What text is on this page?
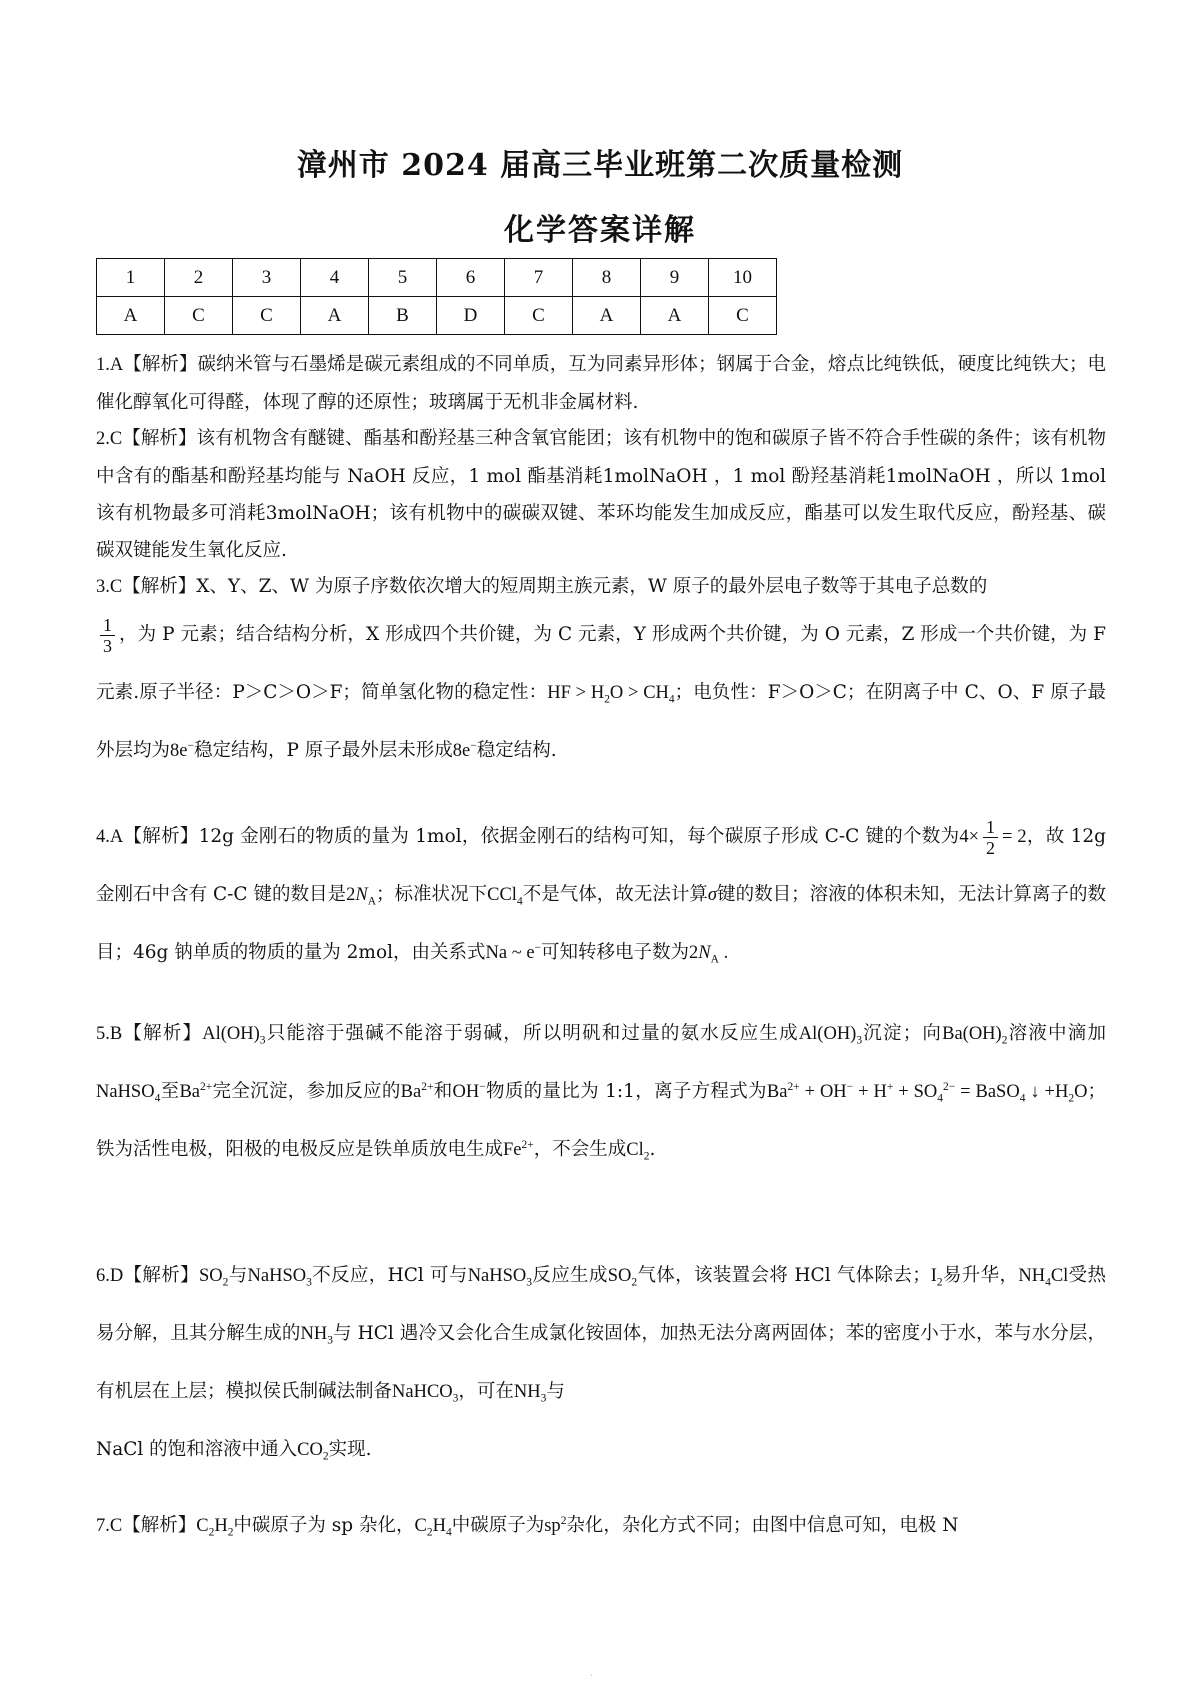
漳州市 2024 届高三毕业班第二次质量检测
化学答案详解
1	2	3	4	5	6	7	8	9	10
A	C	C	A	B	D	C	A	A	C

1.A【解析】碳纳米管与石墨烯是碳元素组成的不同单质，互为同素异形体；钢属于合金，熔点比纯铁低，硬度比纯铁大；电催化醇氧化可得醛，体现了醇的还原性；玻璃属于无机非金属材料.

2.C【解析】该有机物含有醚键、酯基和酚羟基三种含氧官能团；该有机物中的饱和碳原子皆不符合手性碳的条件；该有机物中含有的酯基和酚羟基均能与 NaOH 反应，1 mol 酯基消耗1molNaOH ，1 mol 酚羟基消耗1molNaOH ，所以 1mol 该有机物最多可消耗3molNaOH；该有机物中的碳碳双键、苯环均能发生加成反应，酯基可以发生取代反应，酚羟基、碳碳双键能发生氧化反应.

3.C【解析】X、Y、Z、W 为原子序数依次增大的短周期主族元素，W 原子的最外层电子数等于其电子总数的

$\frac{1}{3}$ ，为 P 元素；结合结构分析，X 形成四个共价键，为 C 元素，Y 形成两个共价键，为 O 元素，Z 形成一个共价键，为 F 元素.原子半径：P＞C＞O＞F；简单氢化物的稳定性：HF > $H_2O > CH_4$；电负性：F＞O＞C；在阴离子中 C、O、F 原子最外层均为8e−稳定结构，P 原子最外层未形成8e−稳定结构.

4.A【解析】12g 金刚石的物质的量为 1mol，依据金刚石的结构可知，每个碳原子形成 C-C 键的个数为$4\times \frac{1}{2} = 2$，故 12g 金刚石中含有 C-C 键的数目是$2N_A$；标准状况下CCl$_4$不是气体，故无法计算σ键的数目；溶液的体积未知，无法计算离子的数目；46g 钠单质的物质的量为 2mol，由关系式Na ~ e−可知转移电子数为$2N_A$ .

5.B【解析】$Al(OH)_3$只能溶于强碱不能溶于弱碱，所以明矾和过量的氨水反应生成$Al(OH)_3$沉淀；向$Ba(OH)_2$溶液中滴加NaHSO$_4$至$Ba^{2+}$完全沉淀，参加反应的$Ba^{2+}$和OH−物质的量比为 1:1，离子方程式为$Ba^{2+} + OH^- + H^+ + SO_4^{2-}$ = BaSO$_4$ ↓ $+H_2O$；铁为活性电极，阳极的电极反应是铁单质放电生成$Fe^{2+}$，不会生成$Cl_2$.

6.D【解析】$SO_2$与NaHSO$_3$不反应，HCl 可与NaHSO$_3$反应生成$SO_2$气体，该装置会将 HCl 气体除去；$I_2$易升华，$NH_4Cl$受热易分解，且其分解生成的$NH_3$与 HCl 遇冷又会化合生成氯化铵固体，加热无法分离两固体；苯的密度小于水，苯与水分层，有机层在上层；模拟侯氏制碱法制备NaHCO$_3$，可在$NH_3$与
NaCl 的饱和溶液中通入$CO_2$实现.

7.C【解析】$C_2H_2$中碳原子为 sp 杂化，$C_2H_4$中碳原子为$sp^2$杂化，杂化方式不同；由图中信息可知，电极 N

·
